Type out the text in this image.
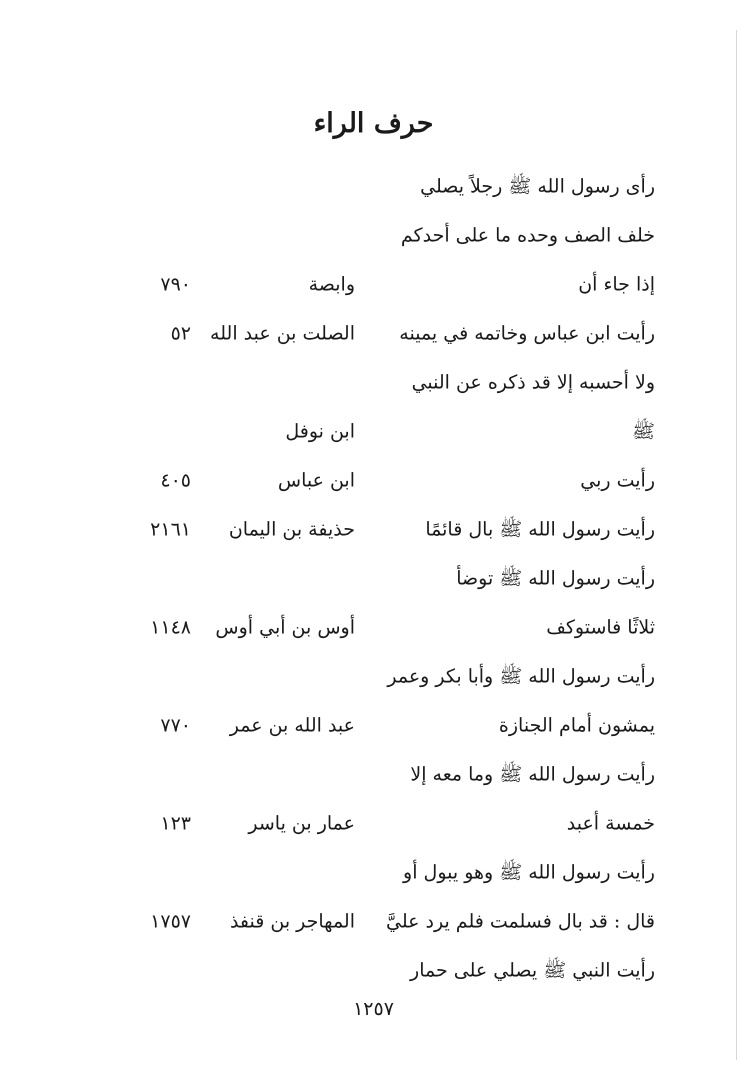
حرف الراء
رأى رسول الله ﷺ رجلاً يصلي
خلف الصف وحده ما على أحدكم
إذا جاء أن
وابصة
٧٩٠
رأيت ابن عباس وخاتمه في يمينه
الصلت بن عبد الله
٥٢
ولا أحسبه إلا قد ذكره عن النبي
ﷺ
ابن نوفل
رأيت ربي
ابن عباس
٤٠٥
رأيت رسول الله ﷺ بال قائمًا
حذيفة بن اليمان
٢١٦١
رأيت رسول الله ﷺ توضأ
ثلاثًا فاستوكف
أوس بن أبي أوس
١١٤٨
رأيت رسول الله ﷺ وأبا بكر وعمر
يمشون أمام الجنازة
عبد الله بن عمر
٧٧٠
رأيت رسول الله ﷺ وما معه إلا
خمسة أعبد
عمار بن ياسر
١٢٣
رأيت رسول الله ﷺ وهو يبول أو
قال : قد بال فسلمت فلم يرد عليَّ
المهاجر بن قنفذ
١٧٥٧
رأيت النبي ﷺ يصلي على حمار
١٢٥٧
